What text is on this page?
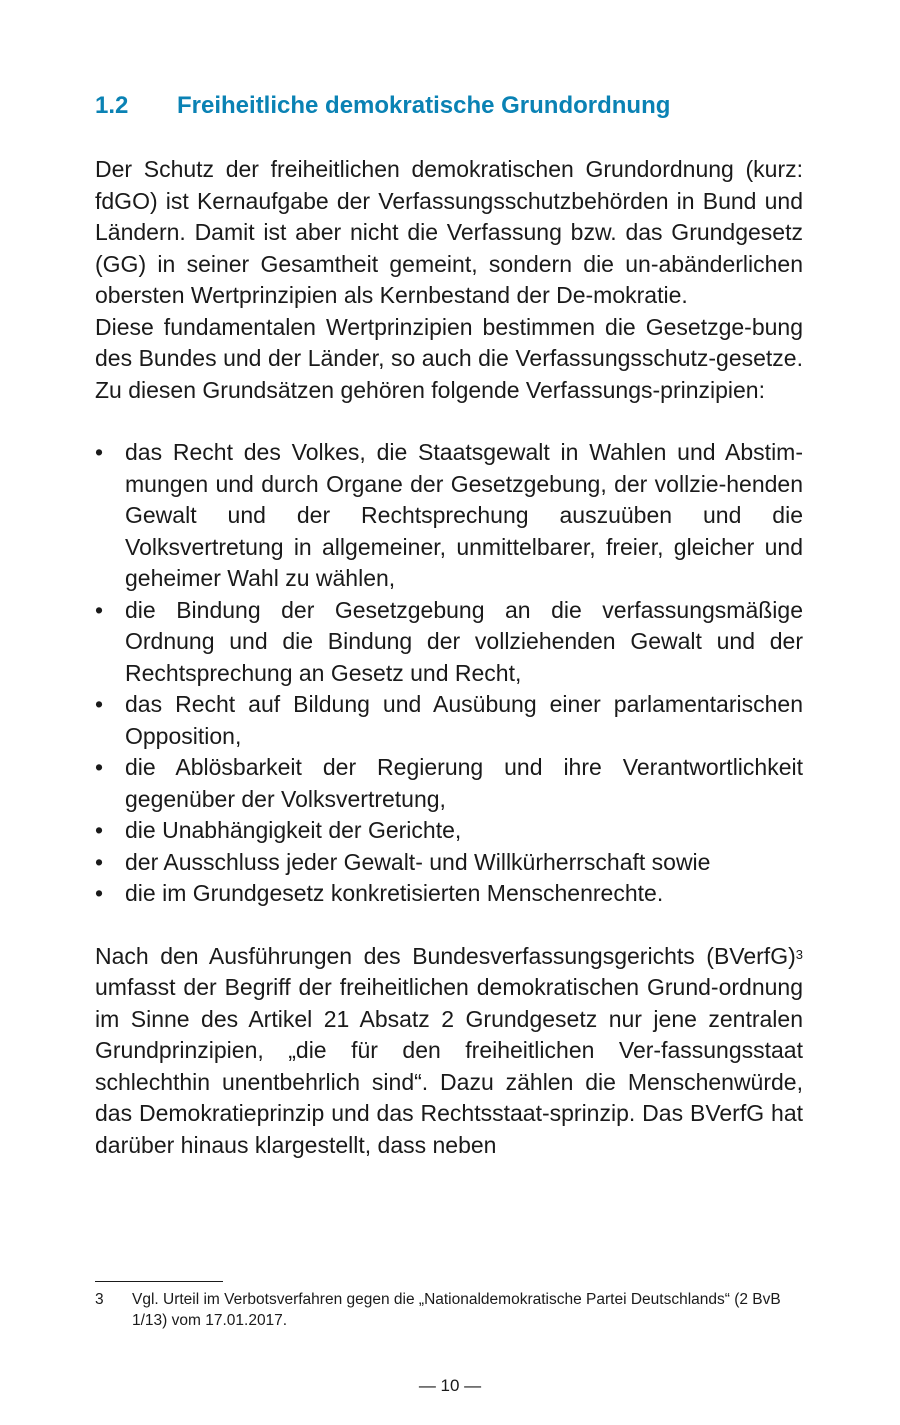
1.2 Freiheitliche demokratische Grundordnung

Der Schutz der freiheitlichen demokratischen Grundordnung (kurz: fdGO) ist Kernaufgabe der Verfassungsschutzbehörden in Bund und Ländern. Damit ist aber nicht die Verfassung bzw. das Grundgesetz (GG) in seiner Gesamtheit gemeint, sondern die un-abänderlichen obersten Wertprinzipien als Kernbestand der De-mokratie.

Diese fundamentalen Wertprinzipien bestimmen die Gesetzge-bung des Bundes und der Länder, so auch die Verfassungsschutz-gesetze. Zu diesen Grundsätzen gehören folgende Verfassungs-prinzipien:

• das Recht des Volkes, die Staatsgewalt in Wahlen und Abstim-mungen und durch Organe der Gesetzgebung, der vollzie-henden Gewalt und der Rechtsprechung auszuüben und die Volksvertretung in allgemeiner, unmittelbarer, freier, gleicher und geheimer Wahl zu wählen,
• die Bindung der Gesetzgebung an die verfassungsmäßige Ordnung und die Bindung der vollziehenden Gewalt und der Rechtsprechung an Gesetz und Recht,
• das Recht auf Bildung und Ausübung einer parlamentarischen Opposition,
• die Ablösbarkeit der Regierung und ihre Verantwortlichkeit gegenüber der Volksvertretung,
• die Unabhängigkeit der Gerichte,
• der Ausschluss jeder Gewalt- und Willkürherrschaft sowie
• die im Grundgesetz konkretisierten Menschenrechte.

Nach den Ausführungen des Bundesverfassungsgerichts (BVerfG)$^3$ umfasst der Begriff der freiheitlichen demokratischen Grund-ordnung im Sinne des Artikel 21 Absatz 2 Grundgesetz nur jene zentralen Grundprinzipien, „die für den freiheitlichen Ver-fassungsstaat schlechthin unentbehrlich sind“. Dazu zählen die Menschenwürde, das Demokratieprinzip und das Rechtsstaat-sprinzip. Das BVerfG hat darüber hinaus klargestellt, dass neben

3	Vgl. Urteil im Verbotsverfahren gegen die „Nationaldemokratische Partei Deutschlands“ (2 BvB 1/13) vom 17.01.2017.
— 10 —
